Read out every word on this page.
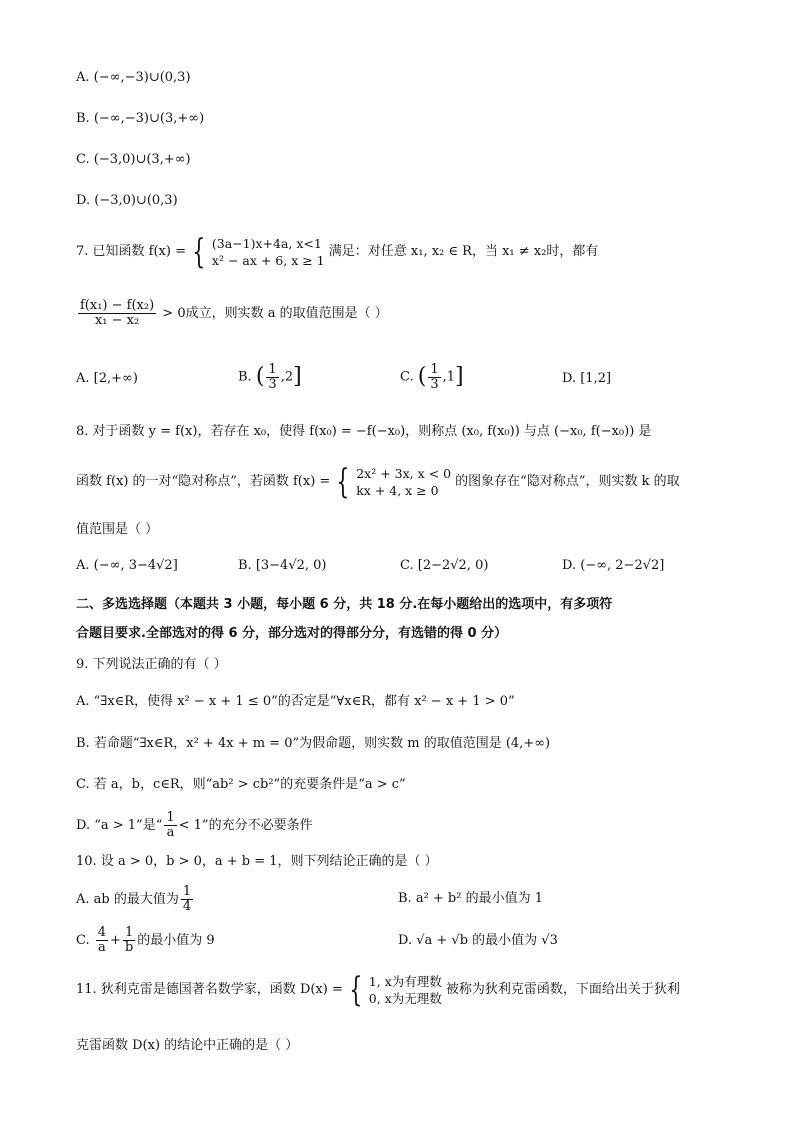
A. (−∞,−3)∪(0,3)
B. (−∞,−3)∪(3,+∞)
C. (−3,0)∪(3,+∞)
D. (−3,0)∪(0,3)
7. 已知函数 f(x) = { (3a−1)x+4a, x<1
x² − ax + 6, x ≥ 1
满足：对任意 x₁, x₂ ∈ R，当 x₁ ≠ x₂时，都有
$\frac{\text{f(x₁) − f(x₂)}}{\text{x₁ − x₂}} > 0$成立，则实数 a 的取值范围是（ ）
A. [2,+∞)	B. ( $\frac{1}{3} ,2$]	C. ( $\frac{1}{3} ,1$]	D. [1,2]
8. 对于函数 y = f(x)，若存在 x₀，使得 f(x₀) = −f(−x₀)，则称点 (x₀, f(x₀)) 与点 (−x₀, f(−x₀)) 是
函数 f(x) 的一对“隐对称点”，若函数 f(x) = { 2x² + 3x, x < 0
kx + 4, x ≥ 0
的图象存在“隐对称点”，则实数 k 的取
值范围是（ ）
A. (−∞, 3−4√2]	B. [3−4√2, 0)	C. [2−2√2, 0)	D. (−∞, 2−2√2]
二、多选选择题（本题共 3 小题，每小题 6 分，共 18 分.在每小题给出的选项中，有多项符
合题目要求.全部选对的得 6 分，部分选对的得部分分，有选错的得 0 分）
9. 下列说法正确的有（ ）
A. “∃x∈R，使得 x² − x + 1 ≤ 0”的否定是“∀x∈R，都有 x² − x + 1 > 0”
B. 若命题“∃x∈R，x² + 4x + m = 0”为假命题，则实数 m 的取值范围是 (4,+∞)
C. 若 a，b，c∈R，则“ab² > cb²”的充要条件是“a > c”
D. “a > 1”是“ $\frac{1}{a} < 1$”的充分不必要条件
10. 设 a > 0，b > 0，a + b = 1，则下列结论正确的是（ ）
A. ab 的最大值为 $\frac{1}{4}$	B. a² + b² 的最小值为 1
C. $\frac{4}{a} + \frac{1}{b}$ 的最小值为 9	D. √a + √b 的最小值为 √3
11. 狄利克雷是德国著名数学家，函数 D(x) = { 1, x为有理数
0, x为无理数
被称为狄利克雷函数，下面给出关于狄利
克雷函数 D(x) 的结论中正确的是（ ）
